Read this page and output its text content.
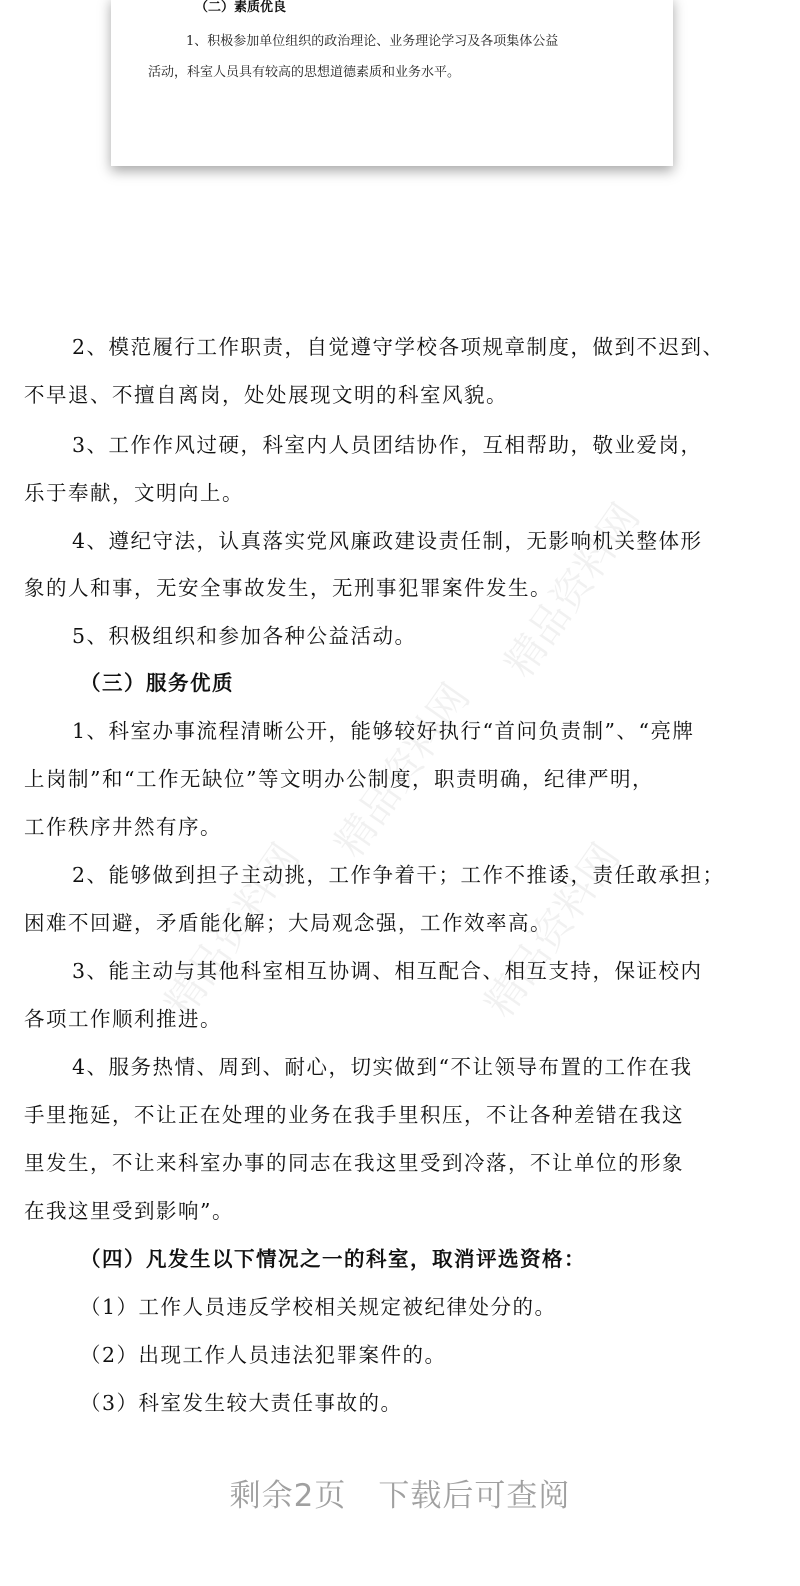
（二）素质优良
1、积极参加单位组织的政治理论、业务理论学习及各项集体公益
活动，科室人员具有较高的思想道德素质和业务水平。
精品资料网
精品资料网
精品资料网	精品资料网
2、模范履行工作职责，自觉遵守学校各项规章制度，做到不迟到、
不早退、不擅自离岗，处处展现文明的科室风貌。
3、工作作风过硬，科室内人员团结协作，互相帮助，敬业爱岗，
乐于奉献，文明向上。
4、遵纪守法，认真落实党风廉政建设责任制，无影响机关整体形
象的人和事，无安全事故发生，无刑事犯罪案件发生。
5、积极组织和参加各种公益活动。
（三）服务优质
1、科室办事流程清晰公开，能够较好执行“首问负责制”、“亮牌
上岗制”和“工作无缺位”等文明办公制度，职责明确，纪律严明，
工作秩序井然有序。
2、能够做到担子主动挑，工作争着干；工作不推诿，责任敢承担；
困难不回避，矛盾能化解；大局观念强，工作效率高。
3、能主动与其他科室相互协调、相互配合、相互支持，保证校内
各项工作顺利推进。
4、服务热情、周到、耐心，切实做到“不让领导布置的工作在我
手里拖延，不让正在处理的业务在我手里积压，不让各种差错在我这
里发生，不让来科室办事的同志在我这里受到冷落，不让单位的形象
在我这里受到影响”。
（四）凡发生以下情况之一的科室，取消评选资格：
（1）工作人员违反学校相关规定被纪律处分的。
（2）出现工作人员违法犯罪案件的。
（3）科室发生较大责任事故的。
剩余2页　下载后可查阅
